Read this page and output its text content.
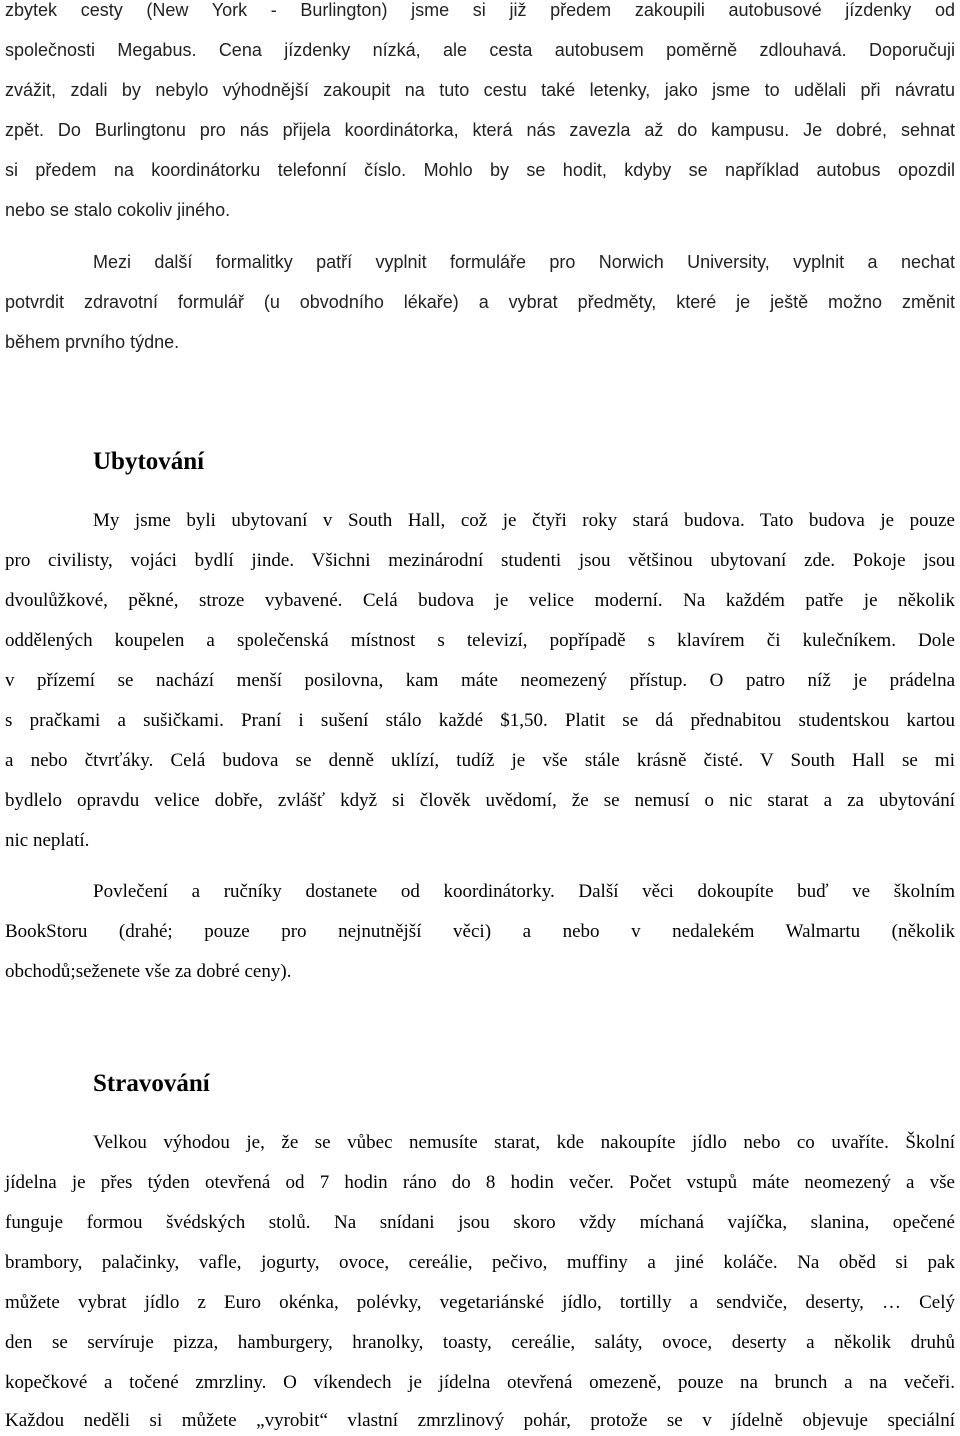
zbytek cesty (New York - Burlington) jsme si již předem zakoupili autobusové jízdenky od
společnosti Megabus. Cena jízdenky nízká, ale cesta autobusem poměrně zdlouhavá. Doporučuji
zvážit, zdali by nebylo výhodnější zakoupit na tuto cestu také letenky, jako jsme to udělali při návratu
zpět. Do Burlingtonu pro nás přijela koordinátorka, která nás zavezla až do kampusu. Je dobré, sehnat
si předem na koordinátorku telefonní číslo. Mohlo by se hodit, kdyby se například autobus opozdil
nebo se stalo cokoliv jiného.
Mezi další formalitky patří vyplnit formuláře pro Norwich University, vyplnit a nechat
potvrdit zdravotní formulář (u obvodního lékaře) a vybrat předměty, které je ještě možno změnit
během prvního týdne.
Ubytování
My jsme byli ubytovaní v South Hall, což je čtyři roky stará budova. Tato budova je pouze
pro civilisty, vojáci bydlí jinde. Všichni mezinárodní studenti jsou většinou ubytovaní zde. Pokoje jsou
dvoulůžkové, pěkné, stroze vybavené. Celá budova je velice moderní. Na každém patře je několik
oddělených koupelen a společenská místnost s televizí, popřípadě s klavírem či kulečníkem. Dole
v přízemí se nachází menší posilovna, kam máte neomezený přístup. O patro níž je prádelna
s pračkami a sušičkami. Praní i sušení stálo každé $1,50. Platit se dá přednabitou studentskou kartou
a nebo čtvrťáky. Celá budova se denně uklízí, tudíž je vše stále krásně čisté. V South Hall se mi
bydlelo opravdu velice dobře, zvlášť když si člověk uvědomí, že se nemusí o nic starat a za ubytování
nic neplatí.
Povlečení a ručníky dostanete od koordinátorky. Další věci dokoupíte buď ve školním
BookStoru (drahé; pouze pro nejnutnější věci) a nebo v nedalekém Walmartu (několik
obchodů;seženete vše za dobré ceny).
Stravování
Velkou výhodou je, že se vůbec nemusíte starat, kde nakoupíte jídlo nebo co uvaříte. Školní
jídelna je přes týden otevřená od 7 hodin ráno do 8 hodin večer. Počet vstupů máte neomezený a vše
funguje formou švédských stolů. Na snídani jsou skoro vždy míchaná vajíčka, slanina, opečené
brambory, palačinky, vafle, jogurty, ovoce, cereálie, pečivo, muffiny a jiné koláče. Na oběd si pak
můžete vybrat jídlo z Euro okénka, polévky, vegetariánské jídlo, tortilly a sendviče, deserty, … Celý
den se servíruje pizza, hamburgery, hranolky, toasty, cereálie, saláty, ovoce, deserty a několik druhů
kopečkové a točené zmrzliny. O víkendech je jídelna otevřená omezeně, pouze na brunch a na večeři.
Každou neděli si můžete „vyrobit“ vlastní zmrzlinový pohár, protože se v jídelně objevuje speciální
